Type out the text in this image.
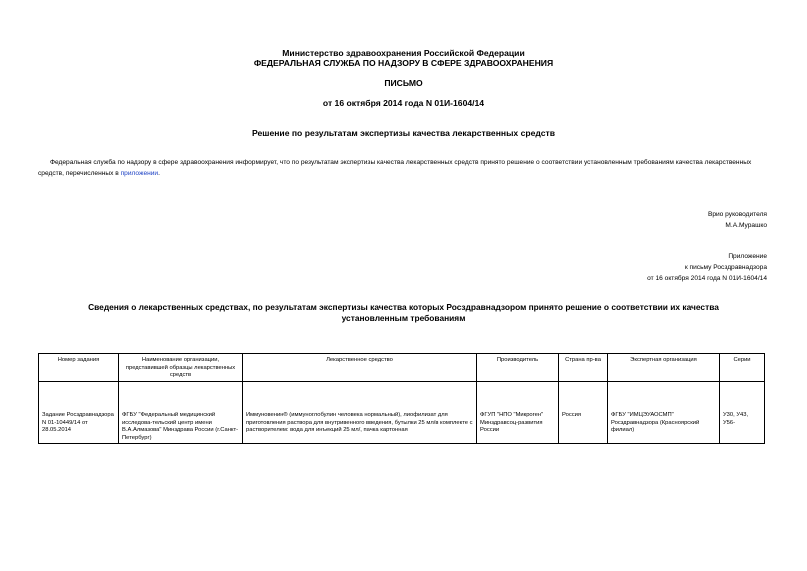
Министерство здравоохранения Российской Федерации
ФЕДЕРАЛЬНАЯ СЛУЖБА ПО НАДЗОРУ В СФЕРЕ ЗДРАВООХРАНЕНИЯ
ПИСЬМО
от 16 октября 2014 года N 01И-1604/14
Решение по результатам экспертизы качества лекарственных средств
Федеральная служба по надзору в сфере здравоохранения информирует, что по результатам экспертизы качества лекарственных средств принято решение о соответствии установленным требованиям качества лекарственных средств, перечисленных в приложении.
Врио руководителя
М.А.Мурашко
Приложение
к письму Росздравнадзора
от 16 октября 2014 года N 01И-1604/14
Сведения о лекарственных средствах, по результатам экспертизы качества которых Росздравнадзором принято решение о соответствии их качества установленным требованиям
Номер задания	Наименование организации, представившей образцы лекарственных средств	Лекарственное средство	Производитель	Страна пр-ва	Экспертная организация	Серии
Задание Росздравнадзора N 01-10449/14 от 28.05.2014	ФГБУ "Федеральный медицинский исследова-тельский центр имени В.А.Алмазова" Минздрава России (г.Санкт-Петербург)	Иммуновенин® (иммуноглобулин человека нормальный), лиофилизат для приготовления раствора для внутривенного введения, бутылки 25 мл/в комплекте с растворителем: вода для инъекций 25 мл/, пачка картонная	ФГУП "НПО "Микроген" Минздравсоц-развития России	Россия	ФГБУ "ИМЦЭУАОСМП" Росздравнадзора (Красноярский филиал)	У30, У43, У56-
